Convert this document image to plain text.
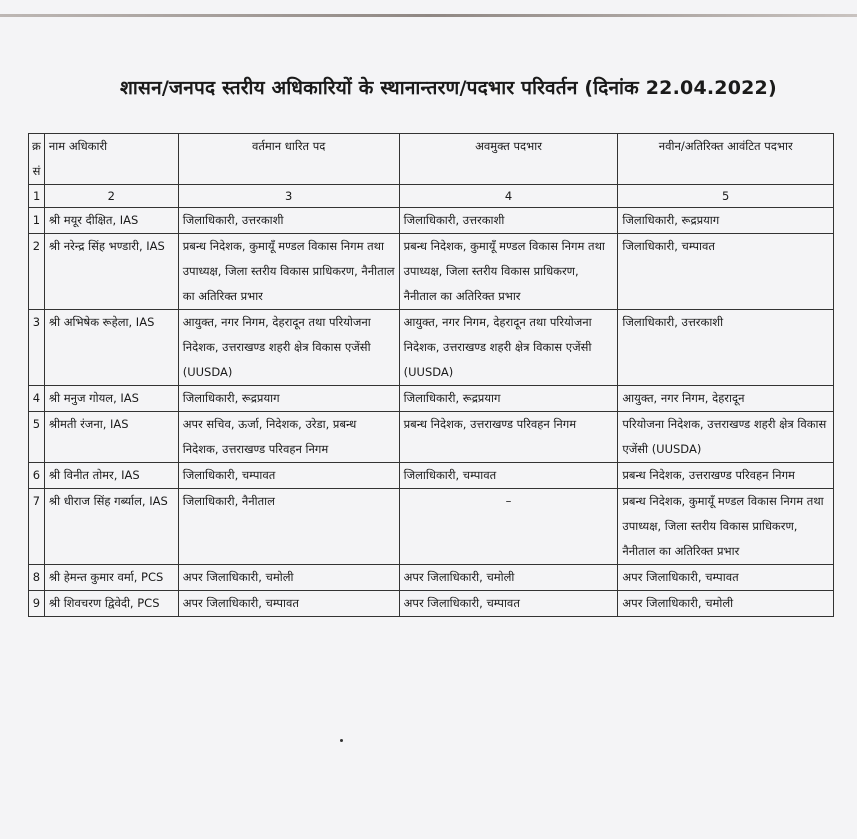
शासन/जनपद स्तरीय अधिकारियों के स्थानान्तरण/पदभार परिवर्तन (दिनांक 22.04.2022)
क्र सं	नाम अधिकारी	वर्तमान धारित पद	अवमुक्त पदभार	नवीन/अतिरिक्त आवंटित पदभार
1	2	3	4	5
1	श्री मयूर दीक्षित, IAS	जिलाधिकारी, उत्तरकाशी	जिलाधिकारी, उत्तरकाशी	जिलाधिकारी, रूद्रप्रयाग
2	श्री नरेन्द्र सिंह भण्डारी, IAS	प्रबन्ध निदेशक, कुमायूँ मण्डल विकास निगम तथा उपाध्यक्ष, जिला स्तरीय विकास प्राधिकरण, नैनीताल का अतिरिक्त प्रभार	प्रबन्ध निदेशक, कुमायूँ मण्डल विकास निगम तथा उपाध्यक्ष, जिला स्तरीय विकास प्राधिकरण, नैनीताल का अतिरिक्त प्रभार	जिलाधिकारी, चम्पावत
3	श्री अभिषेक रूहेला, IAS	आयुक्त, नगर निगम, देहरादून तथा परियोजना निदेशक, उत्तराखण्ड शहरी क्षेत्र विकास एजेंसी (UUSDA)	आयुक्त, नगर निगम, देहरादून तथा परियोजना निदेशक, उत्तराखण्ड शहरी क्षेत्र विकास एजेंसी (UUSDA)	जिलाधिकारी, उत्तरकाशी
4	श्री मनुज गोयल, IAS	जिलाधिकारी, रूद्रप्रयाग	जिलाधिकारी, रूद्रप्रयाग	आयुक्त, नगर निगम, देहरादून
5	श्रीमती रंजना, IAS	अपर सचिव, ऊर्जा, निदेशक, उरेडा, प्रबन्ध निदेशक, उत्तराखण्ड परिवहन निगम	प्रबन्ध निदेशक, उत्तराखण्ड परिवहन निगम	परियोजना निदेशक, उत्तराखण्ड शहरी क्षेत्र विकास एजेंसी (UUSDA)
6	श्री विनीत तोमर, IAS	जिलाधिकारी, चम्पावत	जिलाधिकारी, चम्पावत	प्रबन्ध निदेशक, उत्तराखण्ड परिवहन निगम
7	श्री धीराज सिंह गर्ब्याल, IAS	जिलाधिकारी, नैनीताल	–	प्रबन्ध निदेशक, कुमायूँ मण्डल विकास निगम तथा उपाध्यक्ष, जिला स्तरीय विकास प्राधिकरण, नैनीताल का अतिरिक्त प्रभार
8	श्री हेमन्त कुमार वर्मा, PCS	अपर जिलाधिकारी, चमोली	अपर जिलाधिकारी, चमोली	अपर जिलाधिकारी, चम्पावत
9	श्री शिवचरण द्विवेदी, PCS	अपर जिलाधिकारी, चम्पावत	अपर जिलाधिकारी, चम्पावत	अपर जिलाधिकारी, चमोली
